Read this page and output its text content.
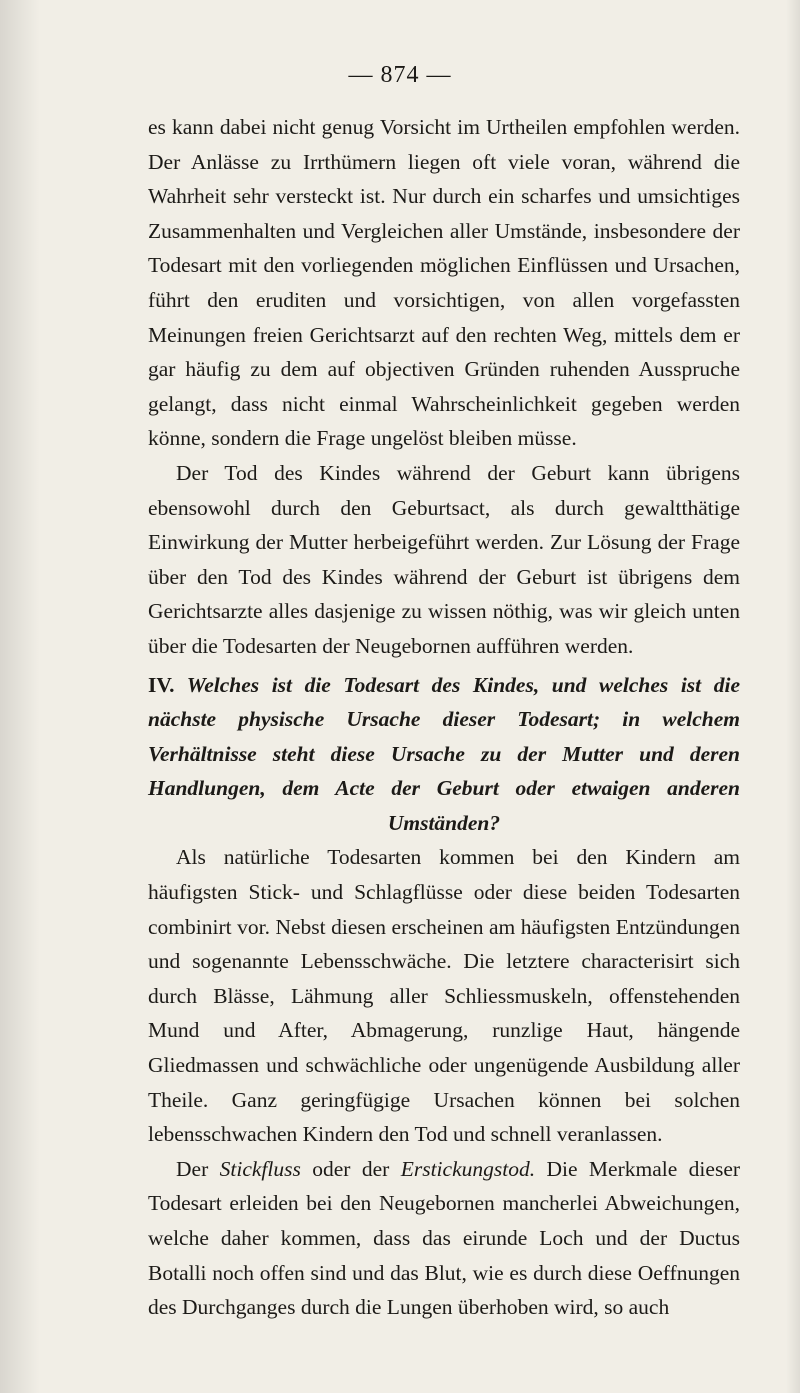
— 874 —

es kann dabei nicht genug Vorsicht im Urtheilen empfohlen werden. Der Anlässe zu Irrthümern liegen oft viele voran, während die Wahrheit sehr versteckt ist. Nur durch ein scharfes und umsichtiges Zusammenhalten und Vergleichen aller Umstände, insbesondere der Todesart mit den vorliegenden möglichen Einflüssen und Ursachen, führt den eruditen und vorsichtigen, von allen vorgefassten Meinungen freien Gerichtsarzt auf den rechten Weg, mittels dem er gar häufig zu dem auf objectiven Gründen ruhenden Ausspruche gelangt, dass nicht einmal Wahrscheinlichkeit gegeben werden könne, sondern die Frage ungelöst bleiben müsse.

Der Tod des Kindes während der Geburt kann übrigens ebensowohl durch den Geburtsact, als durch gewaltthätige Einwirkung der Mutter herbeigeführt werden. Zur Lösung der Frage über den Tod des Kindes während der Geburt ist übrigens dem Gerichtsarzte alles dasjenige zu wissen nöthig, was wir gleich unten über die Todesarten der Neugebornen aufführen werden.

IV. Welches ist die Todesart des Kindes, und welches ist die nächste physische Ursache dieser Todesart; in welchem Verhältnisse steht diese Ursache zu der Mutter und deren Handlungen, dem Acte der Geburt oder etwaigen anderen Umständen?

Als natürliche Todesarten kommen bei den Kindern am häufigsten Stick- und Schlagflüsse oder diese beiden Todesarten combinirt vor. Nebst diesen erscheinen am häufigsten Entzündungen und sogenannte Lebensschwäche. Die letztere characterisirt sich durch Blässe, Lähmung aller Schliessmuskeln, offenstehenden Mund und After, Abmagerung, runzlige Haut, hängende Gliedmassen und schwächliche oder ungenügende Ausbildung aller Theile. Ganz geringfügige Ursachen können bei solchen lebensschwachen Kindern den Tod und schnell veranlassen.

Der Stickfluss oder der Erstickungstod. Die Merkmale dieser Todesart erleiden bei den Neugebornen mancherlei Abweichungen, welche daher kommen, dass das eirunde Loch und der Ductus Botalli noch offen sind und das Blut, wie es durch diese Oeffnungen des Durchganges durch die Lungen überhoben wird, so auch
